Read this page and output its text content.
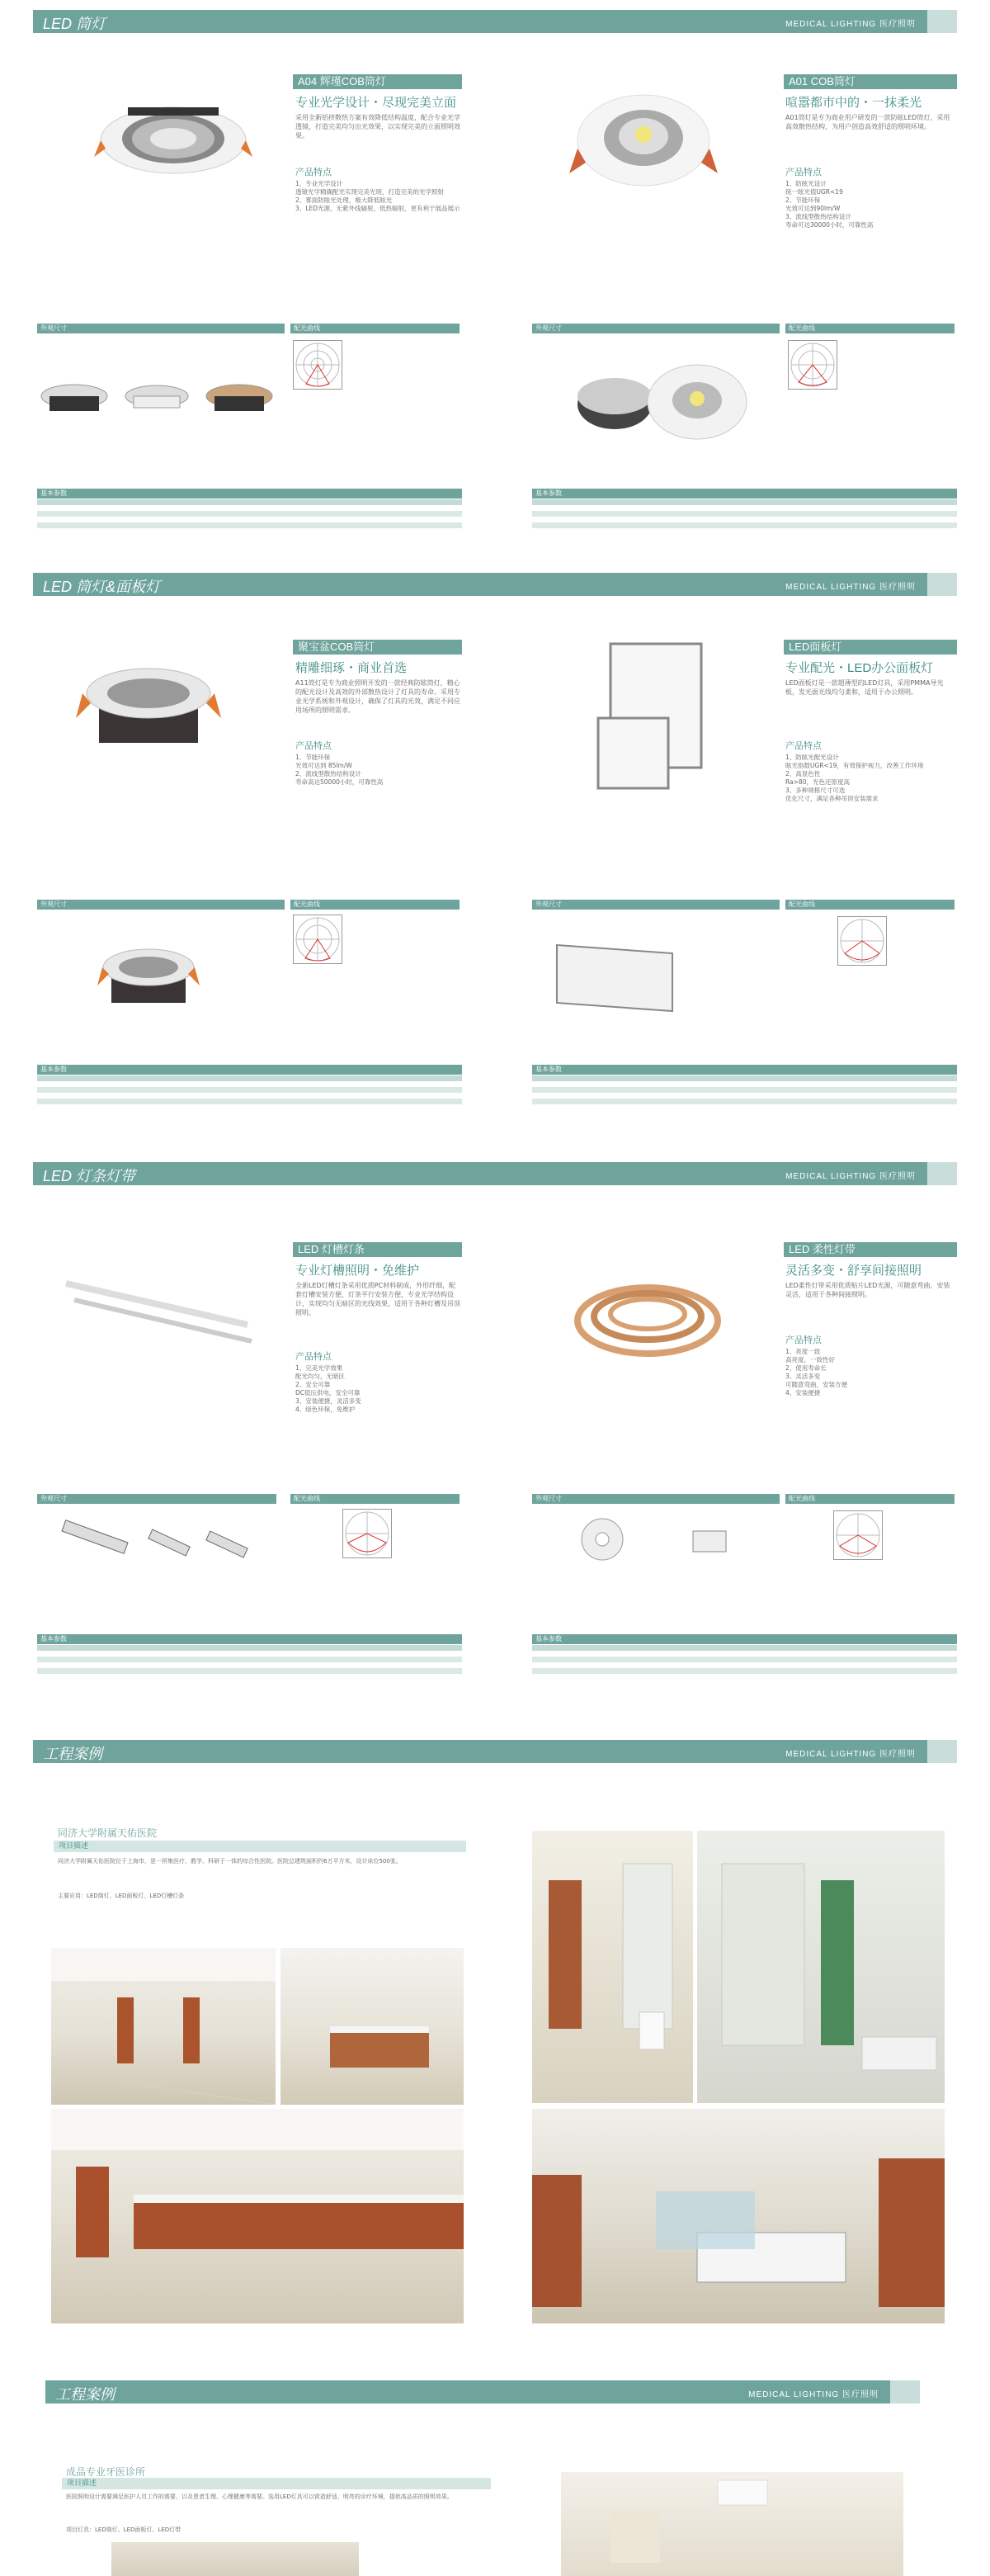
LED 筒灯	MEDICAL LIGHTING 医疗照明
A04 辉瑾COB筒灯
专业光学设计・尽现完美立面
采用全新铝挤散热方案有效降低结构温度，配合专业光学透镜，打造完美均匀出光效果，以实现完美的立面照明效果。
产品特点
1、专业光学设计
透镜光学精确配光实现完美光斑，打造完美的光学照射
2、雾面防眩光处理，极大降低眩光
3、LED光源，无紫外线辐射，低热辐射，更有利于展品展示
A01 COB筒灯
喧嚣都市中的・一抹柔光
A01筒灯是专为商业用户研发的一款防眩LED筒灯，采用高效散热结构，为用户创造高效舒适的照明环境。
产品特点
1、防眩光设计
统一眩光值UGR<19
2、节能环保
光效可达到90lm/W
3、流线型散热结构设计
寿命可达30000小时，可靠性高
外观尺寸	配光曲线	外观尺寸	配光曲线
基本参数

								基本参数

LED 筒灯&面板灯	MEDICAL LIGHTING 医疗照明
聚宝盆COB筒灯
精雕细琢・商业首选
A11筒灯是专为商业照明开发的一款经典防眩筒灯，精心的配光设计及高效的外部散热设计了灯具的寿命。采用专业光学系统和外观设计，确保了灯具的光效，满足不同应用场所的照明需求。
产品特点
1、节能环保
光效可达到 85lm/W
2、流线型散热结构设计
寿命高达50000小时，可靠性高
LED面板灯
专业配光・LED办公面板灯
LED面板灯是一款超薄型的LED灯具，采用PMMA导光板，发光面光线均匀柔和，适用于办公照明。
产品特点
1、防眩光配光设计
眩光指数UGR<19，有效保护视力，改善工作环境
2、高显色性
Ra>80，光色还原度高
3、多种规格尺寸可选
优化尺寸，满足各种吊顶安装需求
外观尺寸	配光曲线	外观尺寸	配光曲线
基本参数

								基本参数

LED 灯条灯带	MEDICAL LIGHTING 医疗照明
LED 灯槽灯条
专业灯槽照明・免维护
全新LED灯槽灯条采用优质PC材料制成，外形纤细，配套灯槽安装方便，灯条平行安装方便，专业光学结构设计，实现均匀无暗区的光线效果，适用于各种灯槽及吊顶照明。
产品特点
1、完美光学效果
配光均匀，无暗区
2、安全可靠
DC低压供电，安全可靠
3、安装便捷，灵活多变
4、绿色环保，免维护
LED 柔性灯带
灵活多变・舒享间接照明
LED柔性灯带采用优质贴片LED光源，可随意弯曲，安装灵活，适用于各种间接照明。
产品特点
1、亮度一致
高亮度，一致性好
2、使用寿命长
3、灵活多变
可随意弯曲，安装方便
4、安装便捷
外观尺寸	配光曲线	外观尺寸	配光曲线
基本参数

								基本参数

工程案例	MEDICAL LIGHTING 医疗照明
同济大学附属天佑医院
项目描述
同济大学附属天佑医院位于上海市，是一所集医疗、教学、科研于一体的综合性医院。医院总建筑面积约6万平方米，设计床位500张。
主要应用：LED筒灯、LED面板灯、LED灯槽灯条
工程案例	MEDICAL LIGHTING 医疗照明
成品专业牙医诊所
项目描述
医院照明设计需要满足医护人员工作的需要，以及患者生理、心理健康等需要。选用LED灯具可以营造舒适、明亮的诊疗环境，提供高品质的照明效果。
项目灯具：LED筒灯、LED面板灯、LED灯带
